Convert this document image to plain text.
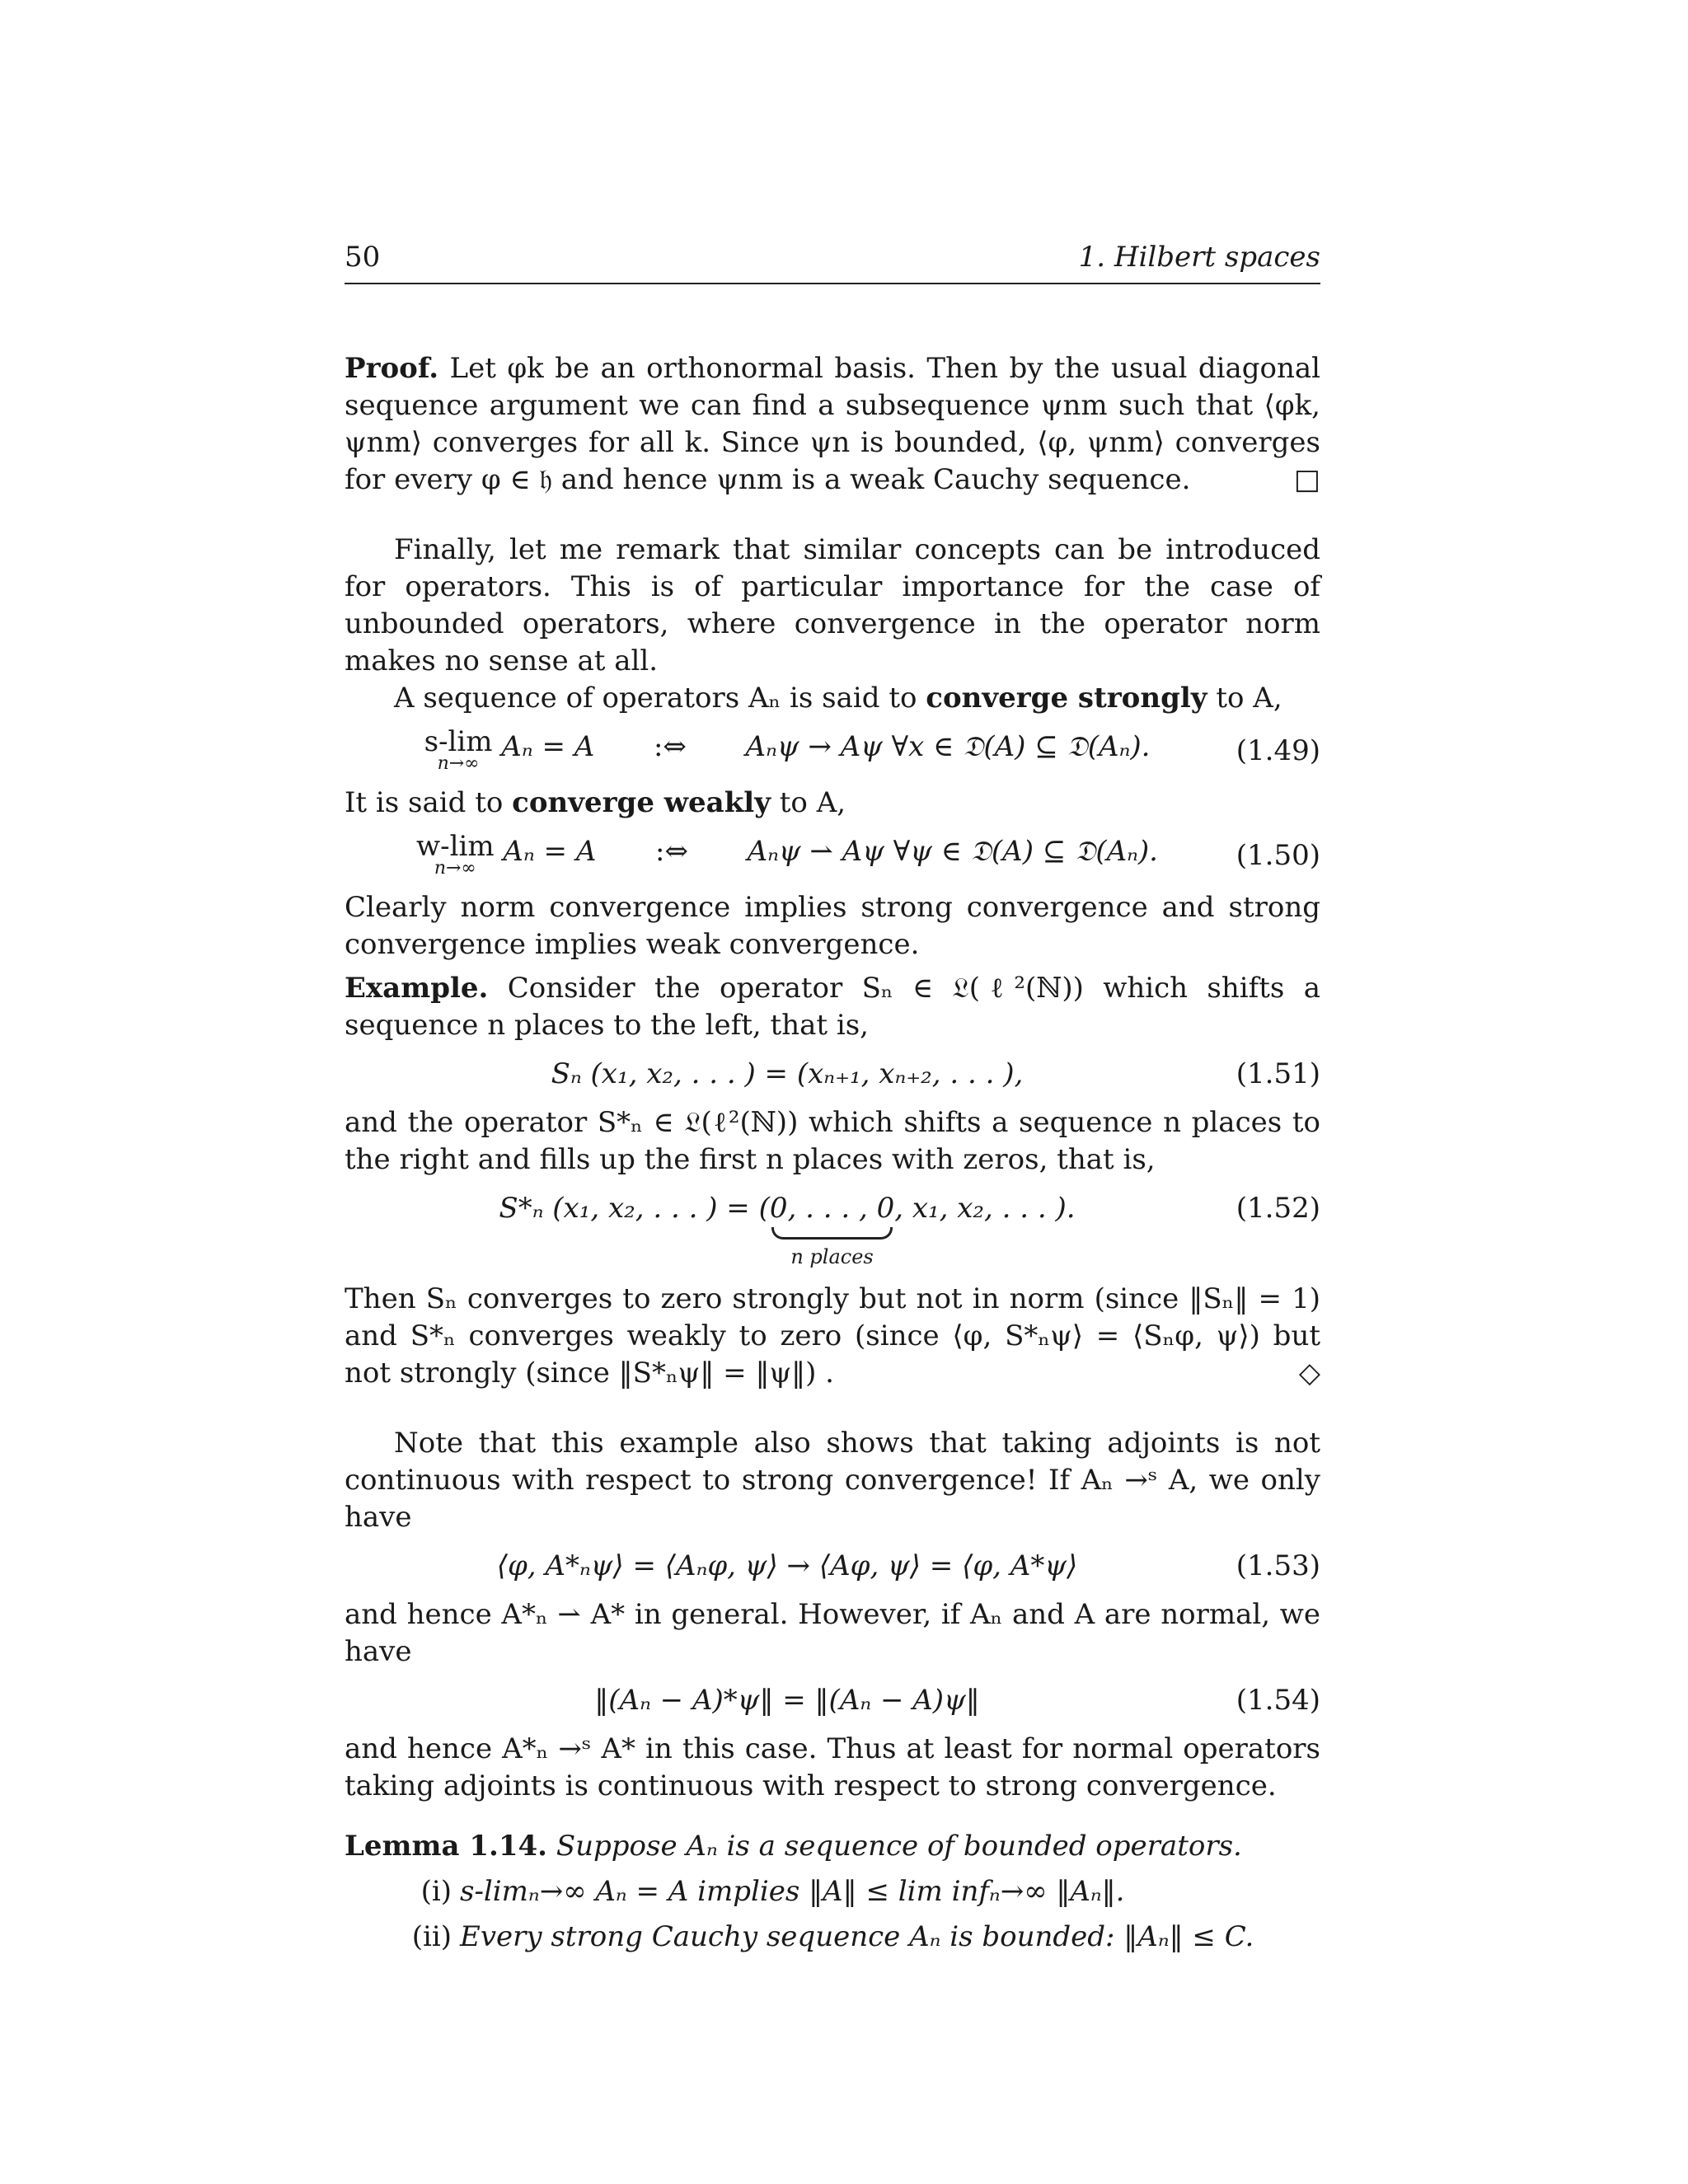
50	1. Hilbert spaces

Proof. Let φk be an orthonormal basis. Then by the usual diagonal sequence argument we can find a subsequence ψnm such that ⟨φk, ψnm⟩ converges for all k. Since ψn is bounded, ⟨φ, ψnm⟩ converges for every φ ∈ 𝔥 and hence ψnm is a weak Cauchy sequence.	□

Finally, let me remark that similar concepts can be introduced for operators. This is of particular importance for the case of unbounded operators, where convergence in the operator norm makes no sense at all.

A sequence of operators Aₙ is said to converge strongly to A,

s-lim
n→∞
Aₙ = A :⇔ Aₙψ → Aψ ∀x ∈ 𝔇(A) ⊆ 𝔇(Aₙ).	(1.49)

It is said to converge weakly to A,

w-lim
n→∞
Aₙ = A :⇔ Aₙψ ⇀ Aψ ∀ψ ∈ 𝔇(A) ⊆ 𝔇(Aₙ).	(1.50)

Clearly norm convergence implies strong convergence and strong convergence implies weak convergence.

Example. Consider the operator Sₙ ∈ 𝔏(ℓ²(ℕ)) which shifts a sequence n places to the left, that is,

Sₙ (x₁, x₂, . . . ) = (xₙ₊₁, xₙ₊₂, . . . ),	(1.51)

and the operator S*ₙ ∈ 𝔏(ℓ²(ℕ)) which shifts a sequence n places to the right and fills up the first n places with zeros, that is,

S*ₙ (x₁, x₂, . . . ) = (0, . . . , 0
n places
, x₁, x₂, . . . ).	(1.52)

Then Sₙ converges to zero strongly but not in norm (since ‖Sₙ‖ = 1) and S*ₙ converges weakly to zero (since ⟨φ, S*ₙψ⟩ = ⟨Sₙφ, ψ⟩) but not strongly (since ‖S*ₙψ‖ = ‖ψ‖) .	◇

Note that this example also shows that taking adjoints is not continuous with respect to strong convergence! If Aₙ →ˢ A, we only have

⟨φ, A*ₙψ⟩ = ⟨Aₙφ, ψ⟩ → ⟨Aφ, ψ⟩ = ⟨φ, A*ψ⟩	(1.53)

and hence A*ₙ ⇀ A* in general. However, if Aₙ and A are normal, we have

‖(Aₙ − A)*ψ‖ = ‖(Aₙ − A)ψ‖	(1.54)

and hence A*ₙ →ˢ A* in this case. Thus at least for normal operators taking adjoints is continuous with respect to strong convergence.

Lemma 1.14. Suppose Aₙ is a sequence of bounded operators.

(i) s-limₙ→∞ Aₙ = A implies ‖A‖ ≤ lim infₙ→∞ ‖Aₙ‖.
(ii) Every strong Cauchy sequence Aₙ is bounded: ‖Aₙ‖ ≤ C.
